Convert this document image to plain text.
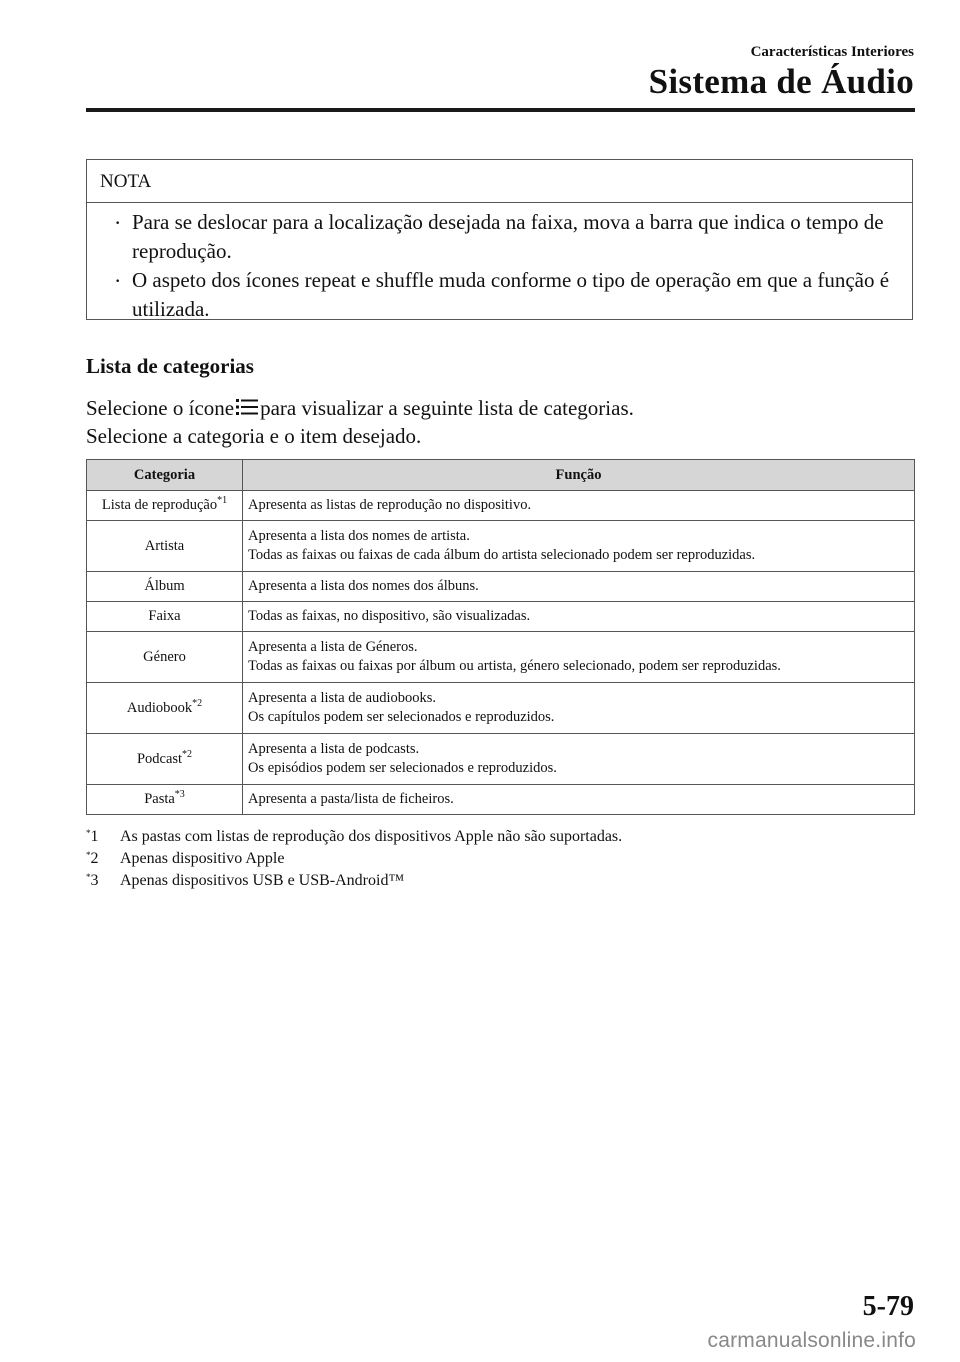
Características Interiores
Sistema de Áudio
NOTA
· Para se deslocar para a localização desejada na faixa, mova a barra que indica o tempo de reprodução.
· O aspeto dos ícones repeat e shuffle muda conforme o tipo de operação em que a função é utilizada.
Lista de categorias
Selecione o ícone para visualizar a seguinte lista de categorias.
Selecione a categoria e o item desejado.
Categoria	Função
Lista de reprodução$^{*1}$	Apresenta as listas de reprodução no dispositivo.

Artista	Apresenta a lista dos nomes de artista.
Todas as faixas ou faixas de cada álbum do artista selecionado podem ser reproduzidas.

Álbum	Apresenta a lista dos nomes dos álbuns.

Faixa	Todas as faixas, no dispositivo, são visualizadas.

Género	Apresenta a lista de Géneros.
Todas as faixas ou faixas por álbum ou artista, género selecionado, podem ser reproduzidas.

Audiobook$^{*2}$	Apresenta a lista de audiobooks.
Os capítulos podem ser selecionados e reproduzidos.

Podcast$^{*2}$	Apresenta a lista de podcasts.
Os episódios podem ser selecionados e reproduzidos.

Pasta$^{*3}$	Apresenta a pasta/lista de ficheiros.
*1 As pastas com listas de reprodução dos dispositivos Apple não são suportadas.
*2 Apenas dispositivo Apple
*3 Apenas dispositivos USB e USB-Android™
5-79
carmanualsonline.info
